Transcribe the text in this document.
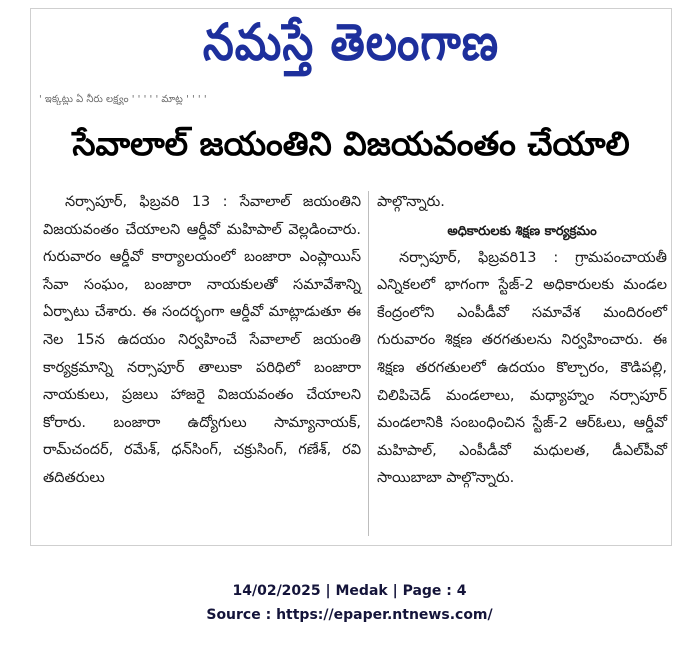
నమస్తే తెలంగాణ
' ఇక్కట్లు ఏ నీరు లక్ష్యం ' ' ' ' ' మాట్ల ' ' ' '
సేవాలాల్ జయంతిని విజయవంతం చేయాలి

నర్సాపూర్, ఫిబ్రవరి 13 : సేవాలాల్ జయంతిని విజయవంతం చేయాలని ఆర్డీవో మహిపాల్ వెల్లడించారు. గురువారం ఆర్డీవో కార్యాలయంలో బంజారా ఎంప్లాయిస్ సేవా సంఘం, బంజారా నాయకులతో సమావేశాన్ని ఏర్పాటు చేశారు. ఈ సందర్భంగా ఆర్డీవో మాట్లాడుతూ ఈ నెల 15న ఉదయం నిర్వహించే సేవాలాల్ జయంతి కార్యక్రమాన్ని నర్సాపూర్ తాలుకా పరిధిలో బంజారా నాయకులు, ప్రజలు హాజరై విజయవంతం చేయాలని కోరారు. బంజారా ఉద్యోగులు సామ్యానాయక్, రామ్‌చందర్, రమేశ్, ధన్‌సింగ్, చక్రుసింగ్, గణేశ్, రవి తదితరులు

పాల్గొన్నారు.

అధికారులకు శిక్షణ కార్యక్రమం

నర్సాపూర్, ఫిబ్రవరి13 : గ్రామపంచాయతీ ఎన్నికలలో భాగంగా స్టేజ్-2 అధికారులకు మండల కేంద్రంలోని ఎంపీడీవో సమావేశ మందిరంలో గురువారం శిక్షణ తరగతులను నిర్వహించారు. ఈ శిక్షణ తరగతులలో ఉదయం కొల్చారం, కౌడిపల్లి, చిలిపిచెడ్ మండలాలు, మధ్యాహ్నం నర్సాపూర్ మండలానికి సంబంధించిన స్టేజ్-2 ఆర్‌ఓలు, ఆర్డీవో మహిపాల్, ఎంపీడీవో మధులత, డీఎల్‌పీవో సాయిబాబా పాల్గొన్నారు.

14/02/2025 | Medak | Page : 4
Source : https://epaper.ntnews.com/
